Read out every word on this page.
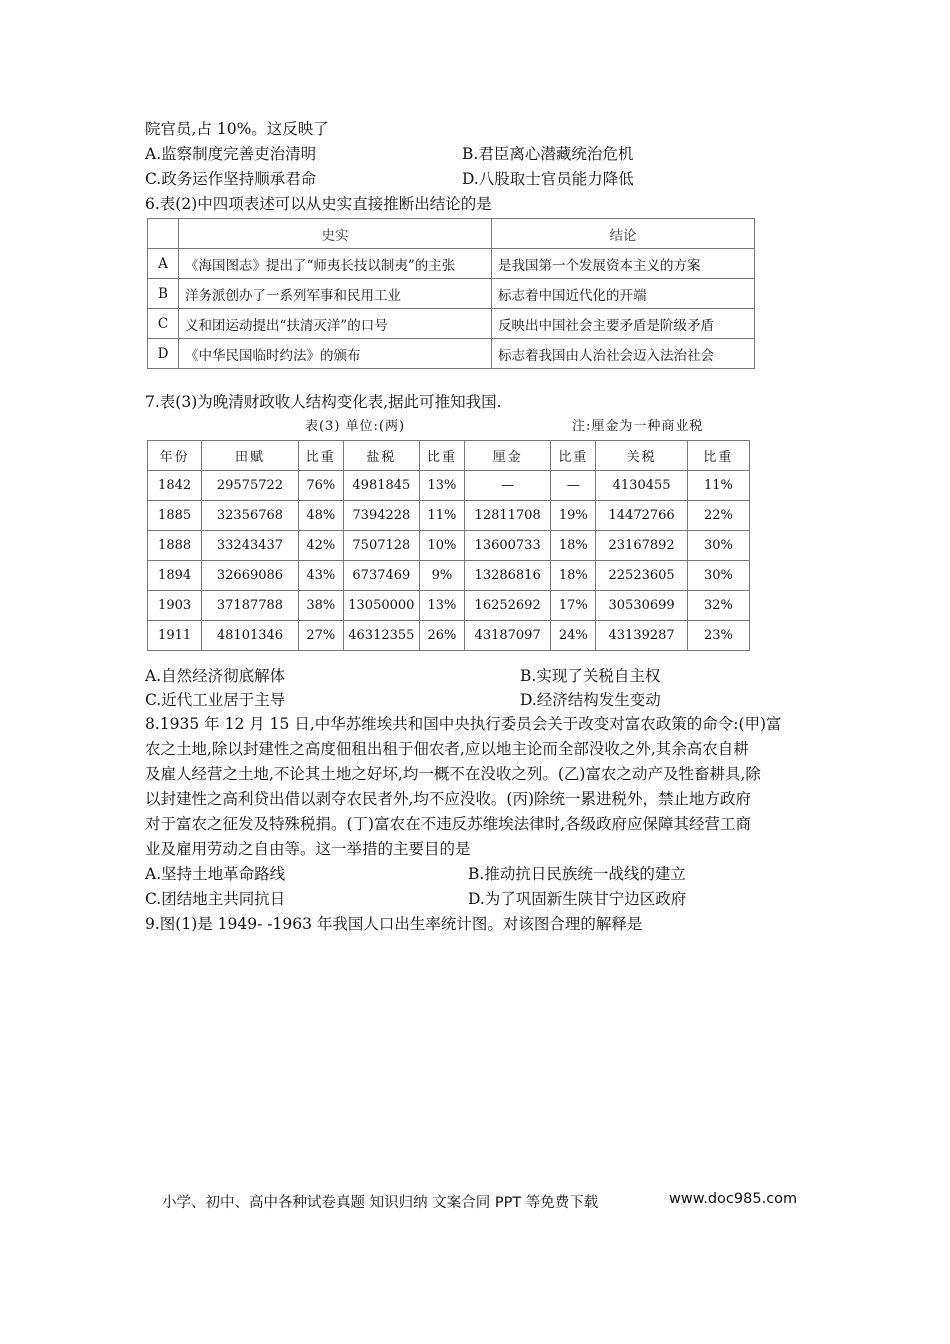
院官员,占 10%。这反映了
A.监察制度完善吏治清明	B.君臣离心潜藏统治危机
C.政务运作坚持顺承君命	D.八股取士官员能力降低
6.表(2)中四项表述可以从史实直接推断出结论的是
	史实	结论
A	《海国图志》提出了“师夷长技以制夷”的主张	是我国第一个发展资本主义的方案
B	洋务派创办了一系列军事和民用工业	标志着中国近代化的开端
C	义和团运动提出“扶清灭洋”的口号	反映出中国社会主要矛盾是阶级矛盾
D	《中华民国临时约法》的颁布	标志着我国由人治社会迈入法治社会
7.表(3)为晚清财政收人结构变化表,据此可推知我国.
表(3) 单位:(两)	注:厘金为一种商业税
年份	田赋	比重	盐税	比重	厘金	比重	关税	比重
1842	29575722	76%	4981845	13%	—	—	4130455	11%
1885	32356768	48%	7394228	11%	12811708	19%	14472766	22%
1888	33243437	42%	7507128	10%	13600733	18%	23167892	30%
1894	32669086	43%	6737469	9%	13286816	18%	22523605	30%
1903	37187788	38%	13050000	13%	16252692	17%	30530699	32%
1911	48101346	27%	46312355	26%	43187097	24%	43139287	23%
A.自然经济彻底解体	B.实现了关税自主权
C.近代工业居于主导	D.经济结构发生变动
8.1935 年 12 月 15 日,中华苏维埃共和国中央执行委员会关于改变对富农政策的命令:(甲)富
农之土地,除以封建性之高度佃租出租于佃农者,应以地主论而全部没收之外,其余高农自耕
及雇人经营之土地,不论其土地之好坏,均一概不在没收之列。(乙)富农之动产及牲畜耕具,除
以封建性之高利贷出借以剥夺农民者外,均不应没收。(丙)除统一累进税外，禁止地方政府
对于富农之征发及特殊税捐。(丁)富农在不违反苏维埃法律时,各级政府应保障其经营工商
业及雇用劳动之自由等。这一举措的主要目的是
A.坚持土地革命路线	B.推动抗日民族统一战线的建立
C.团结地主共同抗日	D.为了巩固新生陕甘宁边区政府
9.图(1)是 1949- -1963 年我国人口出生率统计图。对该图合理的解释是
小学、初中、高中各种试卷真题 知识归纳 文案合同 PPT 等免费下载	www.doc985.com
